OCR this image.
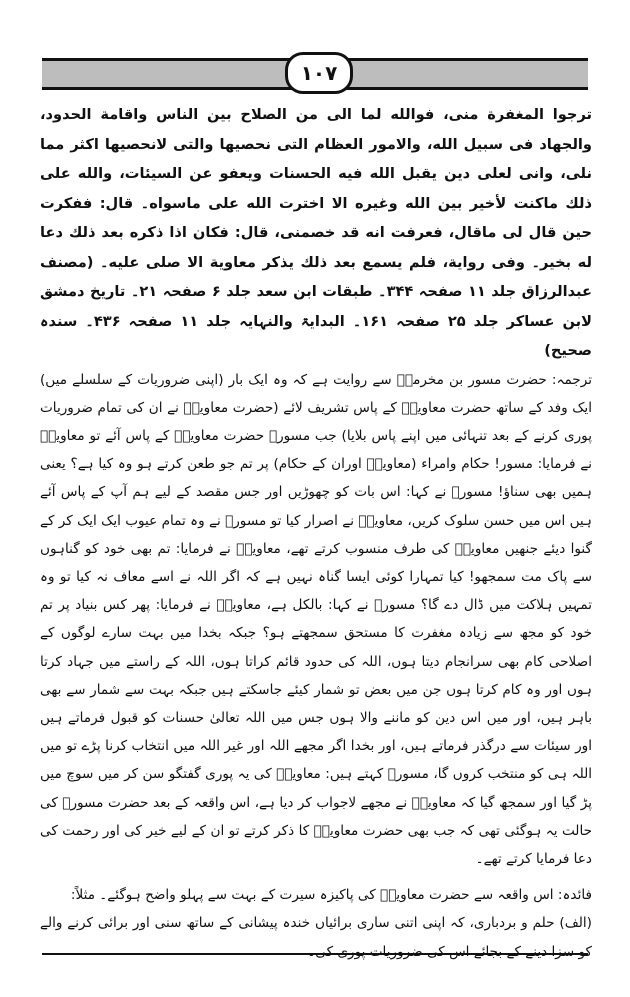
۱۰۷

ترجوا المغفرة منى، فوالله لما الى من الصلاح بين الناس واقامة الحدود، والجهاد فى سبيل الله، والامور العظام التى نحصيها والتى لانحصيها اكثر مما نلى، وانى لعلى دين يقبل الله فيه الحسنات ويعفو عن السيئات، والله على ذلك ماكنت لأخير بين الله وغيره الا اخترت الله على ماسواه۔ قال: ففكرت حين قال لى ماقال، فعرفت انه قد خصمنى، قال: فكان اذا ذكره بعد ذلك دعا له بخير۔ وفى رواية، فلم يسمع بعد ذلك يذكر معاوية الا صلى عليه۔ (مصنف عبدالرزاق جلد ۱۱ صفحہ ۳۴۴۔ طبقات ابن سعد جلد ۶ صفحہ ۲۱۔ تاریخ دمشق لابن عساکر جلد ۲۵ صفحہ ۱۶۱۔ البدایۃ والنہایہ جلد ۱۱ صفحہ ۴۳۶۔ سندہ صحیح)

ترجمہ: حضرت مسور بن مخرمہؓ سے روایت ہے کہ وہ ایک بار (اپنی ضروریات کے سلسلے میں) ایک وفد کے ساتھ حضرت معاویہؓ کے پاس تشریف لائے (حضرت معاویہؓ نے ان کی تمام ضروریات پوری کرنے کے بعد تنہائی میں اپنے پاس بلایا) جب مسورؓ حضرت معاویہؓ کے پاس آئے تو معاویہؓ نے فرمایا: مسور! حکام وامراء (معاویہؓ اوران کے حکام) پر تم جو طعن کرتے ہو وہ کیا ہے؟ یعنی ہمیں بھی سناؤ! مسورؓ نے کہا: اس بات کو چھوڑیں اور جس مقصد کے لیے ہم آپ کے پاس آئے ہیں اس میں حسن سلوک کریں، معاویہؓ نے اصرار کیا تو مسورؓ نے وہ تمام عیوب ایک ایک کر کے گنوا دیئے جنھیں معاویہؓ کی طرف منسوب کرتے تھے، معاویہؓ نے فرمایا: تم بھی خود کو گناہوں سے پاک مت سمجھو! کیا تمہارا کوئی ایسا گناہ نہیں ہے کہ اگر اللہ نے اسے معاف نہ کیا تو وہ تمہیں ہلاکت میں ڈال دے گا؟ مسورؓ نے کہا: بالکل ہے، معاویہؓ نے فرمایا: پھر کس بنیاد پر تم خود کو مجھ سے زیادہ مغفرت کا مستحق سمجھتے ہو؟ جبکہ بخدا میں بہت سارے لوگوں کے اصلاحی کام بھی سرانجام دیتا ہوں، اللہ کی حدود قائم کراتا ہوں، اللہ کے راستے میں جہاد کرتا ہوں اور وہ کام کرتا ہوں جن میں بعض تو شمار کیئے جاسکتے ہیں جبکہ بہت سے شمار سے بھی باہر ہیں، اور میں اس دین کو ماننے والا ہوں جس میں اللہ تعالیٰ حسنات کو قبول فرماتے ہیں اور سیئات سے درگذر فرماتے ہیں، اور بخدا اگر مجھے اللہ اور غیر اللہ میں انتخاب کرنا پڑے تو میں اللہ ہی کو منتخب کروں گا، مسورؓ کہتے ہیں: معاویہؓ کی یہ پوری گفتگو سن کر میں سوچ میں پڑ گیا اور سمجھ گیا کہ معاویہؓ نے مجھے لاجواب کر دیا ہے، اس واقعہ کے بعد حضرت مسورؓ کی حالت یہ ہوگئی تھی کہ جب بھی حضرت معاویہؓ کا ذکر کرتے تو ان کے لیے خیر کی اور رحمت کی دعا فرمایا کرتے تھے۔

فائدہ: اس واقعہ سے حضرت معاویہؓ کی پاکیزہ سیرت کے بہت سے پہلو واضح ہوگئے۔ مثلاً:

(الف) حلم و بردباری، کہ اپنی اتنی ساری برائیاں خندہ پیشانی کے ساتھ سنی اور برائی کرنے والے کو سزا دینے کے بجائے اس کی ضروریات پوری کی۔
